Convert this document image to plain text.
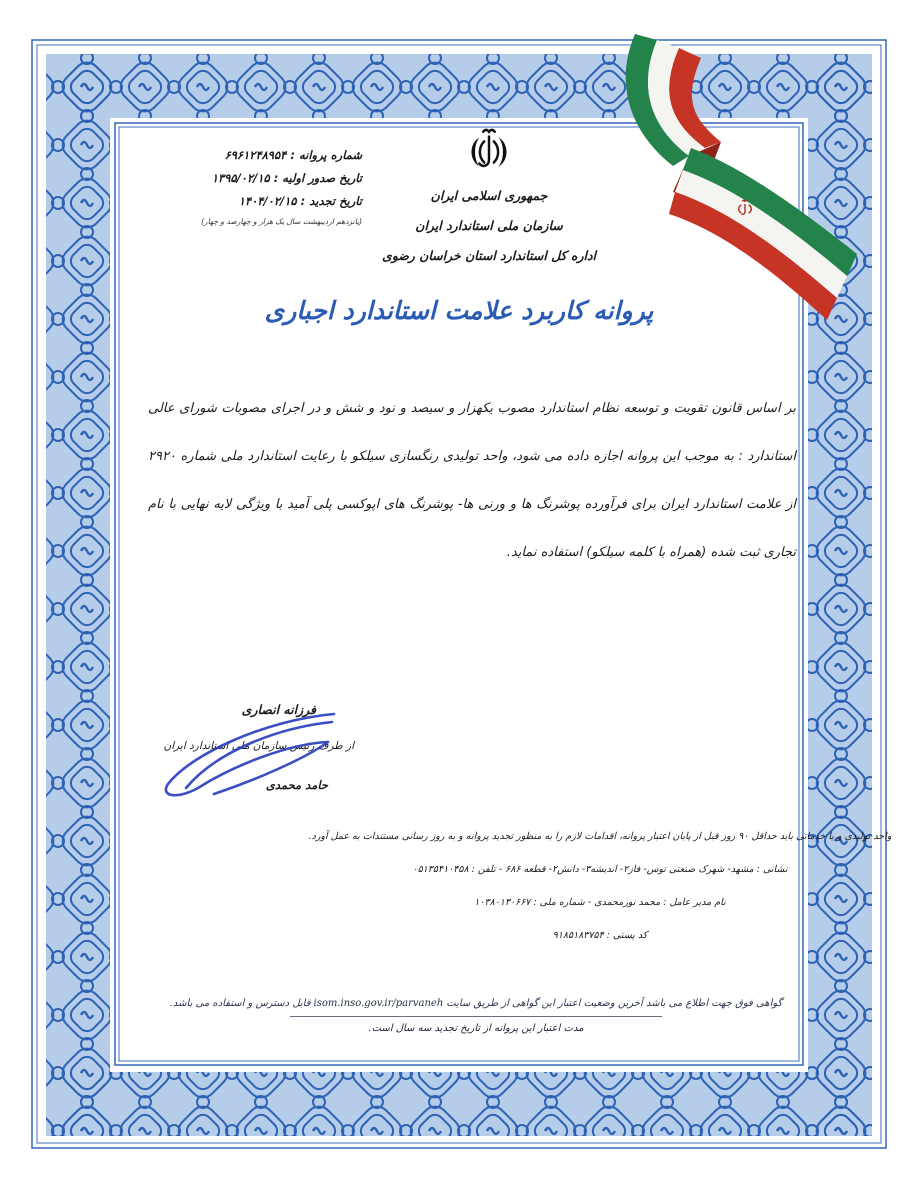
شماره پروانه : ۶۹۶۱۲۴۸۹۵۴
تاریخ صدور اولیه : ۱۳۹۵/۰۲/۱۵
تاریخ تجدید : ۱۴۰۴/۰۲/۱۵
(پانزدهم اردیبهشت سال یک هزار و چهارصد و چهار)
جمهوری اسلامی ایران
سازمان ملی استاندارد ایران
اداره کل استاندارد استان خراسان رضوی
پروانه کاربرد علامت استاندارد اجباری

بر اساس قانون تقویت و توسعه نظام استاندارد مصوب یکهزار و سیصد و نود و شش و در اجرای مصوبات شورای عالی استاندارد : به موجب این پروانه اجازه داده می شود، واحد تولیدی رنگسازی سیلکو با رعایت استاندارد ملی شماره ۲۹۲۰ از علامت استاندارد ایران برای فرآورده پوشرنگ ها و ورنی ها- پوشرنگ های اپوکسی پلی آمید با ویژگی لایه نهایی با نام تجاری ثبت شده (همراه با کلمه سیلکو) استفاده نماید.

فرزانه انصاری
از طرف رئیس سازمان ملی استاندارد ایران
حامد محمدی
واحد تولیدی و یا خدماتی باید حداقل ۹۰ روز قبل از پایان اعتبار پروانه، اقدامات لازم را به منظور تجدید پروانه و به روز رسانی مستندات به عمل آورد.
نشانی : مشهد- شهرک صنعتی توس- فاز۲- اندیشه۳- دانش۲- قطعه ۶۸۶ - تلفن : ۰۵۱۳۵۴۱۰۴۵۸
نام مدیر عامل : محمد نورمحمدی - شماره ملی : ۱۰۳۸۰۱۳۰۶۶۷
کد پستی : ۹۱۸۵۱۸۳۷۵۴
گواهی فوق جهت اطلاع می باشد آخرین وضعیت اعتبار این گواهی از طریق سایت
isom.inso.gov.ir/parvaneh
قابل دسترس و استفاده می باشد.
مدت اعتبار این پروانه از تاریخ تجدید سه سال است.
